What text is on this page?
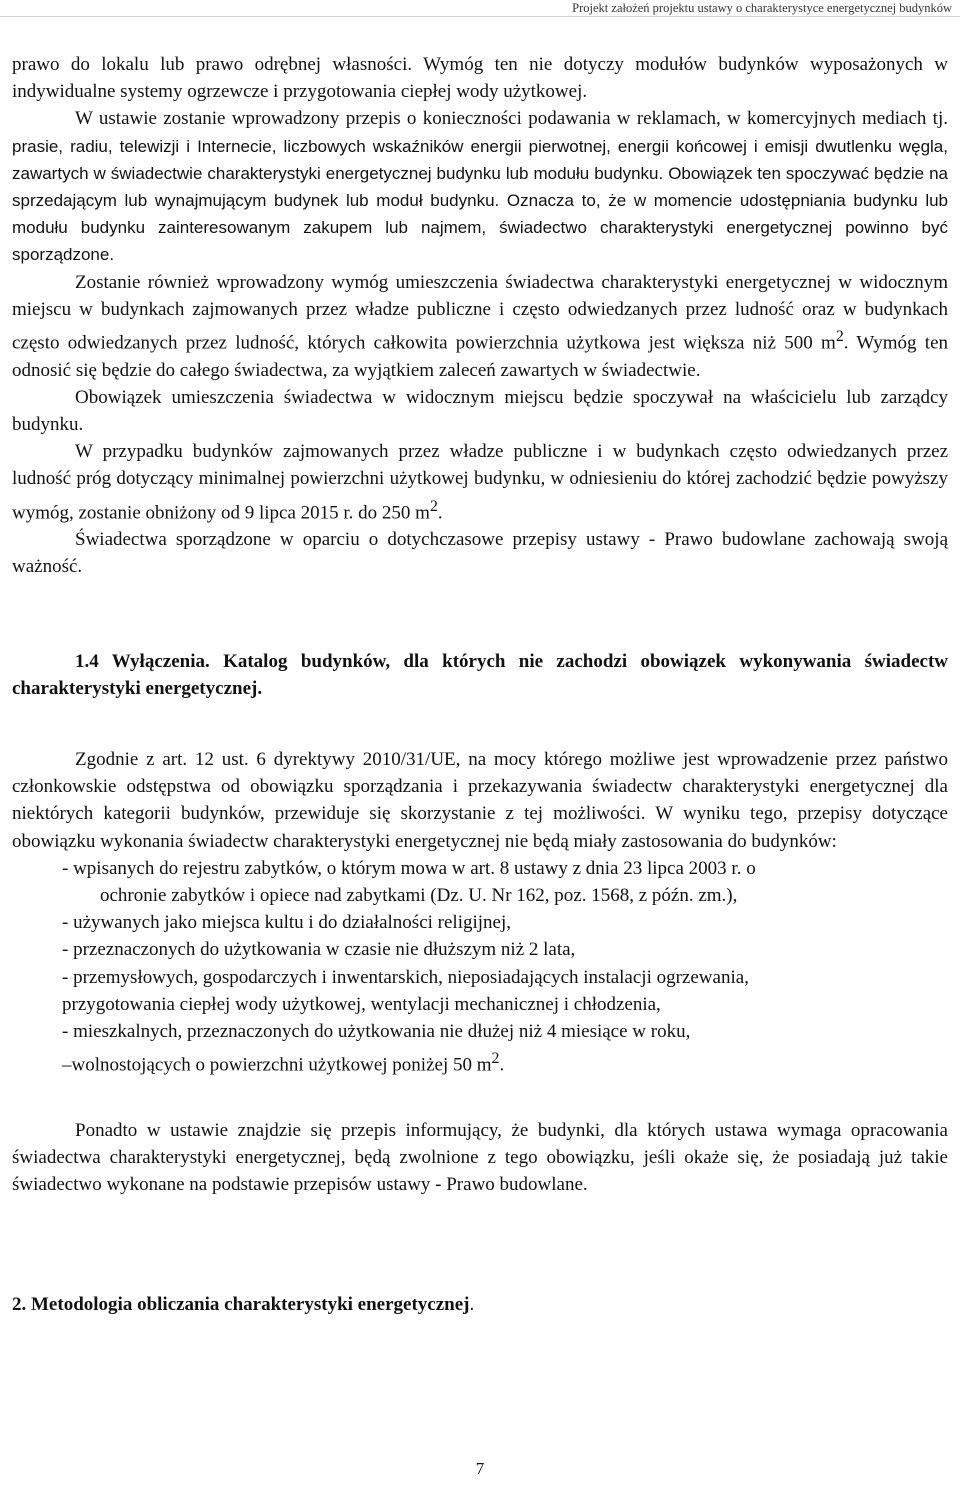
Projekt założeń projektu ustawy o charakterystyce energetycznej budynków

prawo do lokalu lub prawo odrębnej własności. Wymóg ten nie dotyczy modułów budynków wyposażonych w indywidualne systemy ogrzewcze i przygotowania ciepłej wody użytkowej.

W ustawie zostanie wprowadzony przepis o konieczności podawania w reklamach, w komercyjnych mediach tj. prasie, radiu, telewizji i Internecie, liczbowych wskaźników energii pierwotnej, energii końcowej i emisji dwutlenku węgla, zawartych w świadectwie charakterystyki energetycznej budynku lub modułu budynku. Obowiązek ten spoczywać będzie na sprzedającym lub wynajmującym budynek lub moduł budynku. Oznacza to, że w momencie udostępniania budynku lub modułu budynku zainteresowanym zakupem lub najmem, świadectwo charakterystyki energetycznej powinno być sporządzone.

Zostanie również wprowadzony wymóg umieszczenia świadectwa charakterystyki energetycznej w widocznym miejscu w budynkach zajmowanych przez władze publiczne i często odwiedzanych przez ludność oraz w budynkach często odwiedzanych przez ludność, których całkowita powierzchnia użytkowa jest większa niż 500 $m^2$. Wymóg ten odnosić się będzie do całego świadectwa, za wyjątkiem zaleceń zawartych w świadectwie.

Obowiązek umieszczenia świadectwa w widocznym miejscu będzie spoczywał na właścicielu lub zarządcy budynku.

W przypadku budynków zajmowanych przez władze publiczne i w budynkach często odwiedzanych przez ludność próg dotyczący minimalnej powierzchni użytkowej budynku, w odniesieniu do której zachodzić będzie powyższy wymóg, zostanie obniżony od 9 lipca 2015 r. do 250 $m^2$.

Świadectwa sporządzone w oparciu o dotychczasowe przepisy ustawy - Prawo budowlane zachowają swoją ważność.

1.4 Wyłączenia. Katalog budynków, dla których nie zachodzi obowiązek wykonywania świadectw charakterystyki energetycznej.

Zgodnie z art. 12 ust. 6 dyrektywy 2010/31/UE, na mocy którego możliwe jest wprowadzenie przez państwo członkowskie odstępstwa od obowiązku sporządzania i przekazywania świadectw charakterystyki energetycznej dla niektórych kategorii budynków, przewiduje się skorzystanie z tej możliwości. W wyniku tego, przepisy dotyczące obowiązku wykonania świadectw charakterystyki energetycznej nie będą miały zastosowania do budynków:

- wpisanych do rejestru zabytków, o którym mowa w art. 8 ustawy z dnia 23 lipca 2003 r. o
ochronie zabytków i opiece nad zabytkami (Dz. U. Nr 162, poz. 1568, z późn. zm.),
- używanych jako miejsca kultu i do działalności religijnej,
- przeznaczonych do użytkowania w czasie nie dłuższym niż 2 lata,
- przemysłowych, gospodarczych i inwentarskich, nieposiadających instalacji ogrzewania,
przygotowania ciepłej wody użytkowej, wentylacji mechanicznej i chłodzenia,
- mieszkalnych, przeznaczonych do użytkowania nie dłużej niż 4 miesiące w roku,
–wolnostojących o powierzchni użytkowej poniżej 50 $m^2$.

Ponadto w ustawie znajdzie się przepis informujący, że budynki, dla których ustawa wymaga opracowania świadectwa charakterystyki energetycznej, będą zwolnione z tego obowiązku, jeśli okaże się, że posiadają już takie świadectwo wykonane na podstawie przepisów ustawy - Prawo budowlane.

2. Metodologia obliczania charakterystyki energetycznej.

7
